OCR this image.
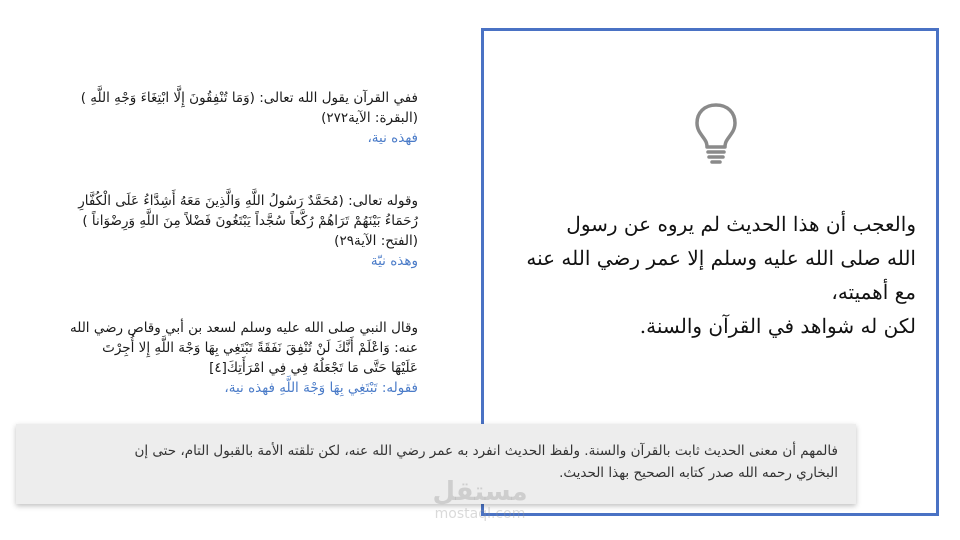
ففي القرآن يقول الله تعالى: (وَمَا تُنْفِقُونَ إِلَّا ابْتِغَاءَ وَجْهِ اللَّهِ )
(البقرة: الآية٢٧٢)
فهذه نية،
وقوله تعالى: (مُحَمَّدٌ رَسُولُ اللَّهِ وَالَّذِينَ مَعَهُ أَشِدَّاءُ عَلَى الْكُفَّارِ
رُحَمَاءُ بَيْنَهُمْ تَرَاهُمْ رُكَّعاً سُجَّداً يَبْتَغُونَ فَضْلاً مِنَ اللَّهِ وَرِضْوَاناً )
(الفتح: الآية٢٩)
وهذه نيّة
وقال النبي صلى الله عليه وسلم لسعد بن أبي وقاص رضي الله
عنه: وَاعْلَمْ أَنَّكَ لَنْ تُنْفِقَ نَفَقَةً تَبْتَغِي بِهَا وَجْهَ اللَّهِ إِلا أُجِرْتَ
عَلَيْهَا حَتَّى مَا تَجْعَلُهُ فِي فِي امْرَأَتِكَ[٤]
فقوله: تَبْتَغِي بِهَا وَجْهَ اللَّهِ فهذه نية،
والعجب أن هذا الحديث لم يروه عن رسول
الله صلى الله عليه وسلم إلا عمر رضي الله عنه
مع أهميته،
لكن له شواهد في القرآن والسنة.
فالمهم أن معنى الحديث ثابت بالقرآن والسنة. ولفظ الحديث انفرد به عمر رضي الله عنه، لكن تلقته الأمة بالقبول التام، حتى إن
البخاري رحمه الله صدر كتابه الصحيح بهذا الحديث.
مستقل
mostaql.com
